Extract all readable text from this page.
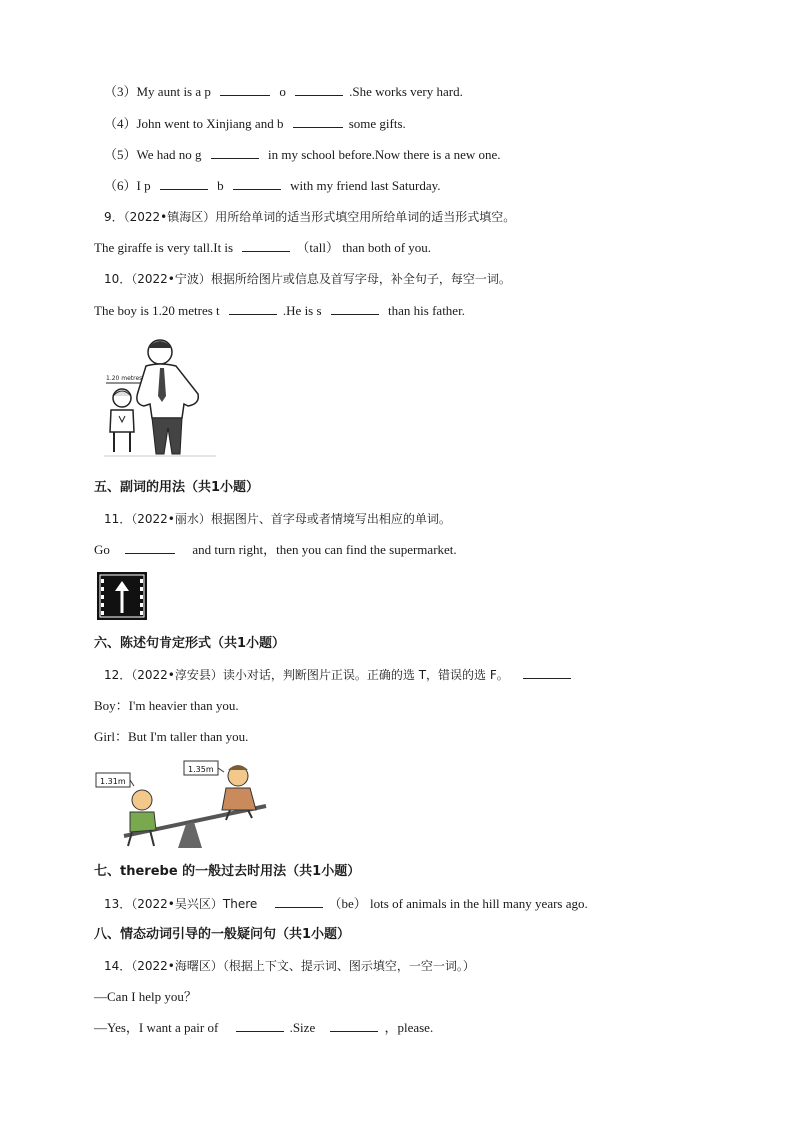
（3）My aunt is a p	o	.She works very hard.
（4）John went to Xinjiang and b	some gifts.
（5）We had no g	in my school before.Now there is a new one.
（6）I p	b	with my friend last Saturday.
9．（2022•镇海区）用所给单词的适当形式填空用所给单词的适当形式填空。
The giraffe is very tall.It is	（tall） than both of you.
10．（2022•宁波）根据所给图片或信息及首写字母，补全句子，每空一词。
The boy is 1.20 metres t	.He is s	than his father.
1.20 metres
五、副词的用法（共1小题）
11．（2022•丽水）根据图片、首字母或者情境写出相应的单词。
Go	and turn right，then you can find the supermarket.
六、陈述句肯定形式（共1小题）
12．（2022•淳安县）读小对话，判断图片正误。正确的选 T，错误的选 F。
Boy：I'm heavier than you.
Girl：But I'm taller than you.
1.31m
1.35m
七、therebe 的一般过去时用法（共1小题）
13．（2022•吴兴区）There	（be） lots of animals in the hill many years ago.
八、情态动词引导的一般疑问句（共1小题）
14．（2022•海曙区）（根据上下文、提示词、图示填空，一空一词。）
—Can I help you？
—Yes，I want a pair of	.Size	，please.
